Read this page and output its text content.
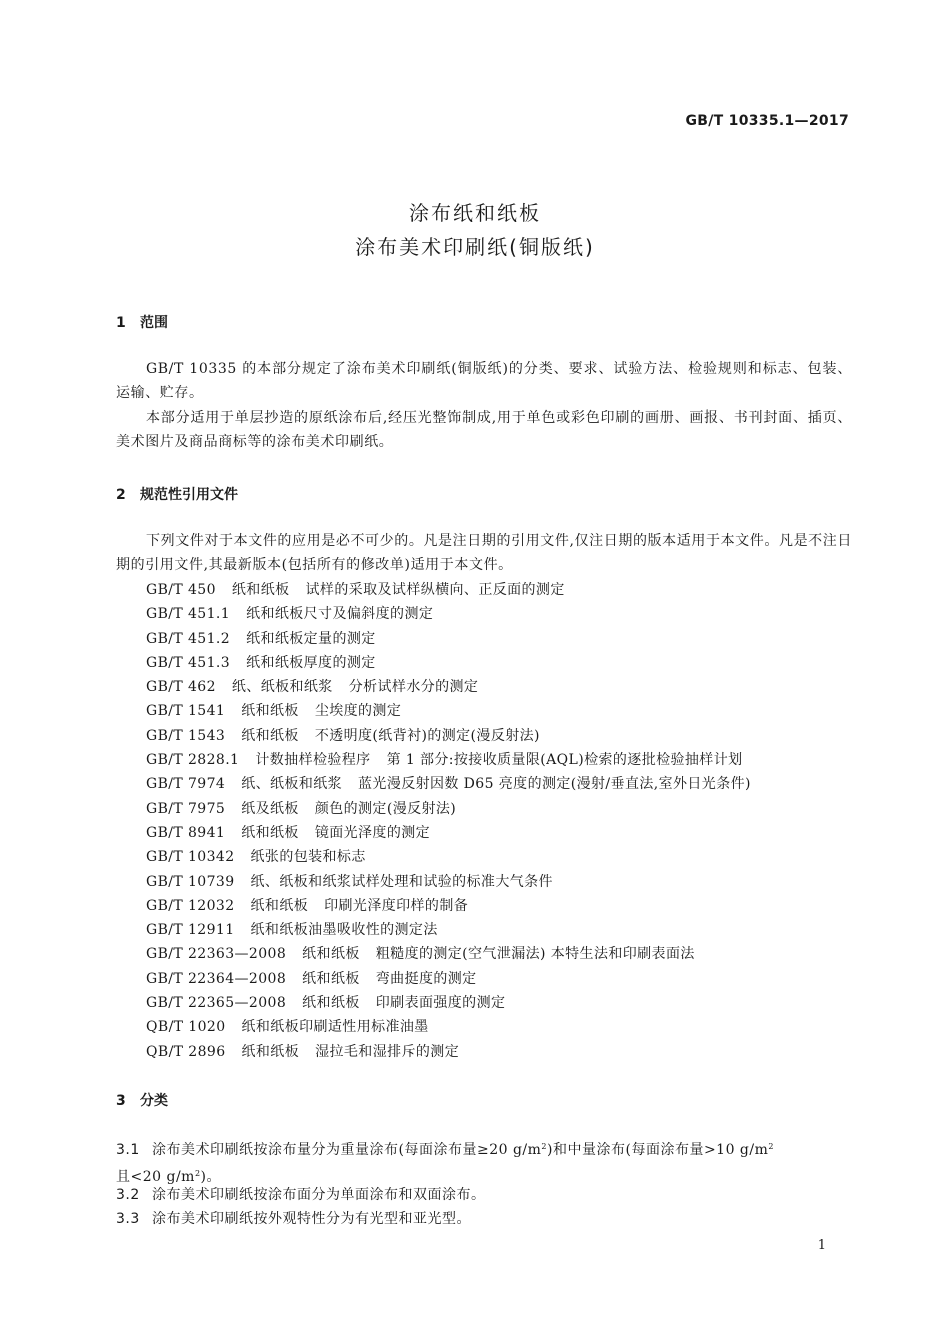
GB/T 10335.1—2017
涂布纸和纸板
涂布美术印刷纸(铜版纸)
1 范围
GB/T 10335 的本部分规定了涂布美术印刷纸(铜版纸)的分类、要求、试验方法、检验规则和标志、包装、运输、贮存。
本部分适用于单层抄造的原纸涂布后,经压光整饰制成,用于单色或彩色印刷的画册、画报、书刊封面、插页、美术图片及商品商标等的涂布美术印刷纸。
2 规范性引用文件
下列文件对于本文件的应用是必不可少的。凡是注日期的引用文件,仅注日期的版本适用于本文件。凡是不注日期的引用文件,其最新版本(包括所有的修改单)适用于本文件。
GB/T 450 纸和纸板 试样的采取及试样纵横向、正反面的测定
GB/T 451.1 纸和纸板尺寸及偏斜度的测定
GB/T 451.2 纸和纸板定量的测定
GB/T 451.3 纸和纸板厚度的测定
GB/T 462 纸、纸板和纸浆 分析试样水分的测定
GB/T 1541 纸和纸板 尘埃度的测定
GB/T 1543 纸和纸板 不透明度(纸背衬)的测定(漫反射法)
GB/T 2828.1 计数抽样检验程序 第 1 部分:按接收质量限(AQL)检索的逐批检验抽样计划
GB/T 7974 纸、纸板和纸浆 蓝光漫反射因数 D65 亮度的测定(漫射/垂直法,室外日光条件)
GB/T 7975 纸及纸板 颜色的测定(漫反射法)
GB/T 8941 纸和纸板 镜面光泽度的测定
GB/T 10342 纸张的包装和标志
GB/T 10739 纸、纸板和纸浆试样处理和试验的标准大气条件
GB/T 12032 纸和纸板 印刷光泽度印样的制备
GB/T 12911 纸和纸板油墨吸收性的测定法
GB/T 22363—2008 纸和纸板 粗糙度的测定(空气泄漏法) 本特生法和印刷表面法
GB/T 22364—2008 纸和纸板 弯曲挺度的测定
GB/T 22365—2008 纸和纸板 印刷表面强度的测定
QB/T 1020 纸和纸板印刷适性用标准油墨
QB/T 2896 纸和纸板 湿拉毛和湿排斥的测定
3 分类
3.1 涂布美术印刷纸按涂布量分为重量涂布(每面涂布量≥20 $g/m^2$)和中量涂布(每面涂布量>10 $g/m^2$
且<20 $g/m^2$)。
3.2 涂布美术印刷纸按涂布面分为单面涂布和双面涂布。
3.3 涂布美术印刷纸按外观特性分为有光型和亚光型。
1
